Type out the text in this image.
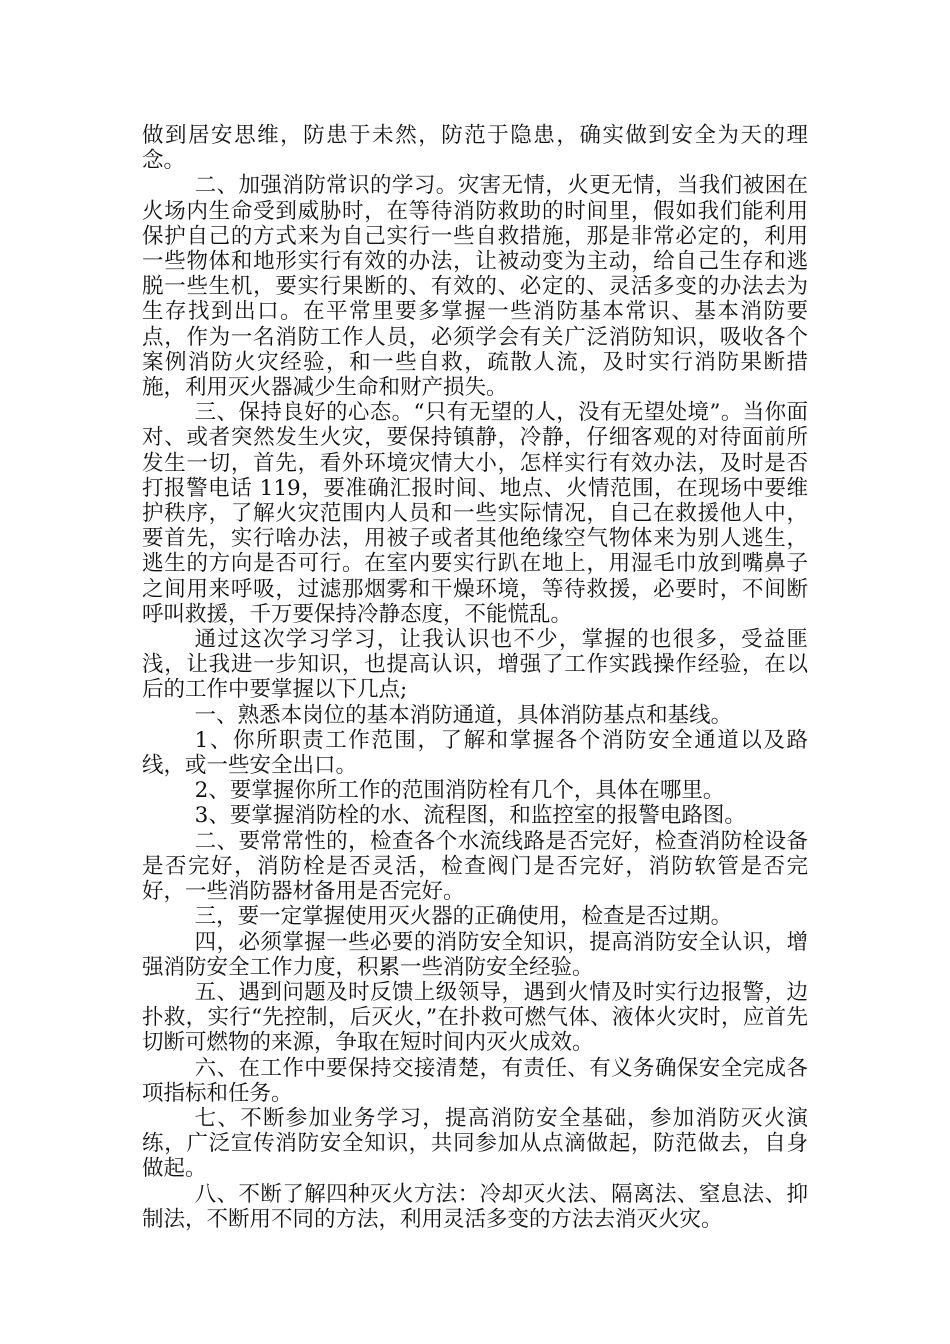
做到居安思维，防患于未然，防范于隐患，确实做到安全为天的理念。

二、加强消防常识的学习。灾害无情，火更无情，当我们被困在火场内生命受到威胁时，在等待消防救助的时间里，假如我们能利用保护自己的方式来为自己实行一些自救措施，那是非常必定的，利用一些物体和地形实行有效的办法，让被动变为主动，给自己生存和逃脱一些生机，要实行果断的、有效的、必定的、灵活多变的办法去为生存找到出口。在平常里要多掌握一些消防基本常识、基本消防要点，作为一名消防工作人员，必须学会有关广泛消防知识，吸收各个案例消防火灾经验，和一些自救，疏散人流，及时实行消防果断措施，利用灭火器减少生命和财产损失。

三、保持良好的心态。“只有无望的人，没有无望处境”。当你面对、或者突然发生火灾，要保持镇静，冷静，仔细客观的对待面前所发生一切，首先，看外环境灾情大小，怎样实行有效办法，及时是否打报警电话 119，要准确汇报时间、地点、火情范围，在现场中要维护秩序，了解火灾范围内人员和一些实际情况，自己在救援他人中，要首先，实行啥办法，用被子或者其他绝缘空气物体来为别人逃生，逃生的方向是否可行。在室内要实行趴在地上，用湿毛巾放到嘴鼻子之间用来呼吸，过滤那烟雾和干燥环境，等待救援，必要时，不间断呼叫救援，千万要保持冷静态度，不能慌乱。

通过这次学习学习，让我认识也不少，掌握的也很多，受益匪浅，让我进一步知识，也提高认识，增强了工作实践操作经验，在以后的工作中要掌握以下几点;

一、熟悉本岗位的基本消防通道，具体消防基点和基线。

1、你所职责工作范围，了解和掌握各个消防安全通道以及路线，或一些安全出口。

2、要掌握你所工作的范围消防栓有几个，具体在哪里。

3、要掌握消防栓的水、流程图，和监控室的报警电路图。

二、要常常性的，检查各个水流线路是否完好，检查消防栓设备是否完好，消防栓是否灵活，检查阀门是否完好，消防软管是否完好，一些消防器材备用是否完好。

三，要一定掌握使用灭火器的正确使用，检查是否过期。

四，必须掌握一些必要的消防安全知识，提高消防安全认识，增强消防安全工作力度，积累一些消防安全经验。

五、遇到问题及时反馈上级领导，遇到火情及时实行边报警，边扑救，实行“先控制，后灭火，”在扑救可燃气体、液体火灾时，应首先切断可燃物的来源，争取在短时间内灭火成效。

六、在工作中要保持交接清楚，有责任、有义务确保安全完成各项指标和任务。

七、不断参加业务学习，提高消防安全基础，参加消防灭火演练，广泛宣传消防安全知识，共同参加从点滴做起，防范做去，自身做起。

八、不断了解四种灭火方法：冷却灭火法、隔离法、窒息法、抑制法，不断用不同的方法，利用灵活多变的方法去消灭火灾。
